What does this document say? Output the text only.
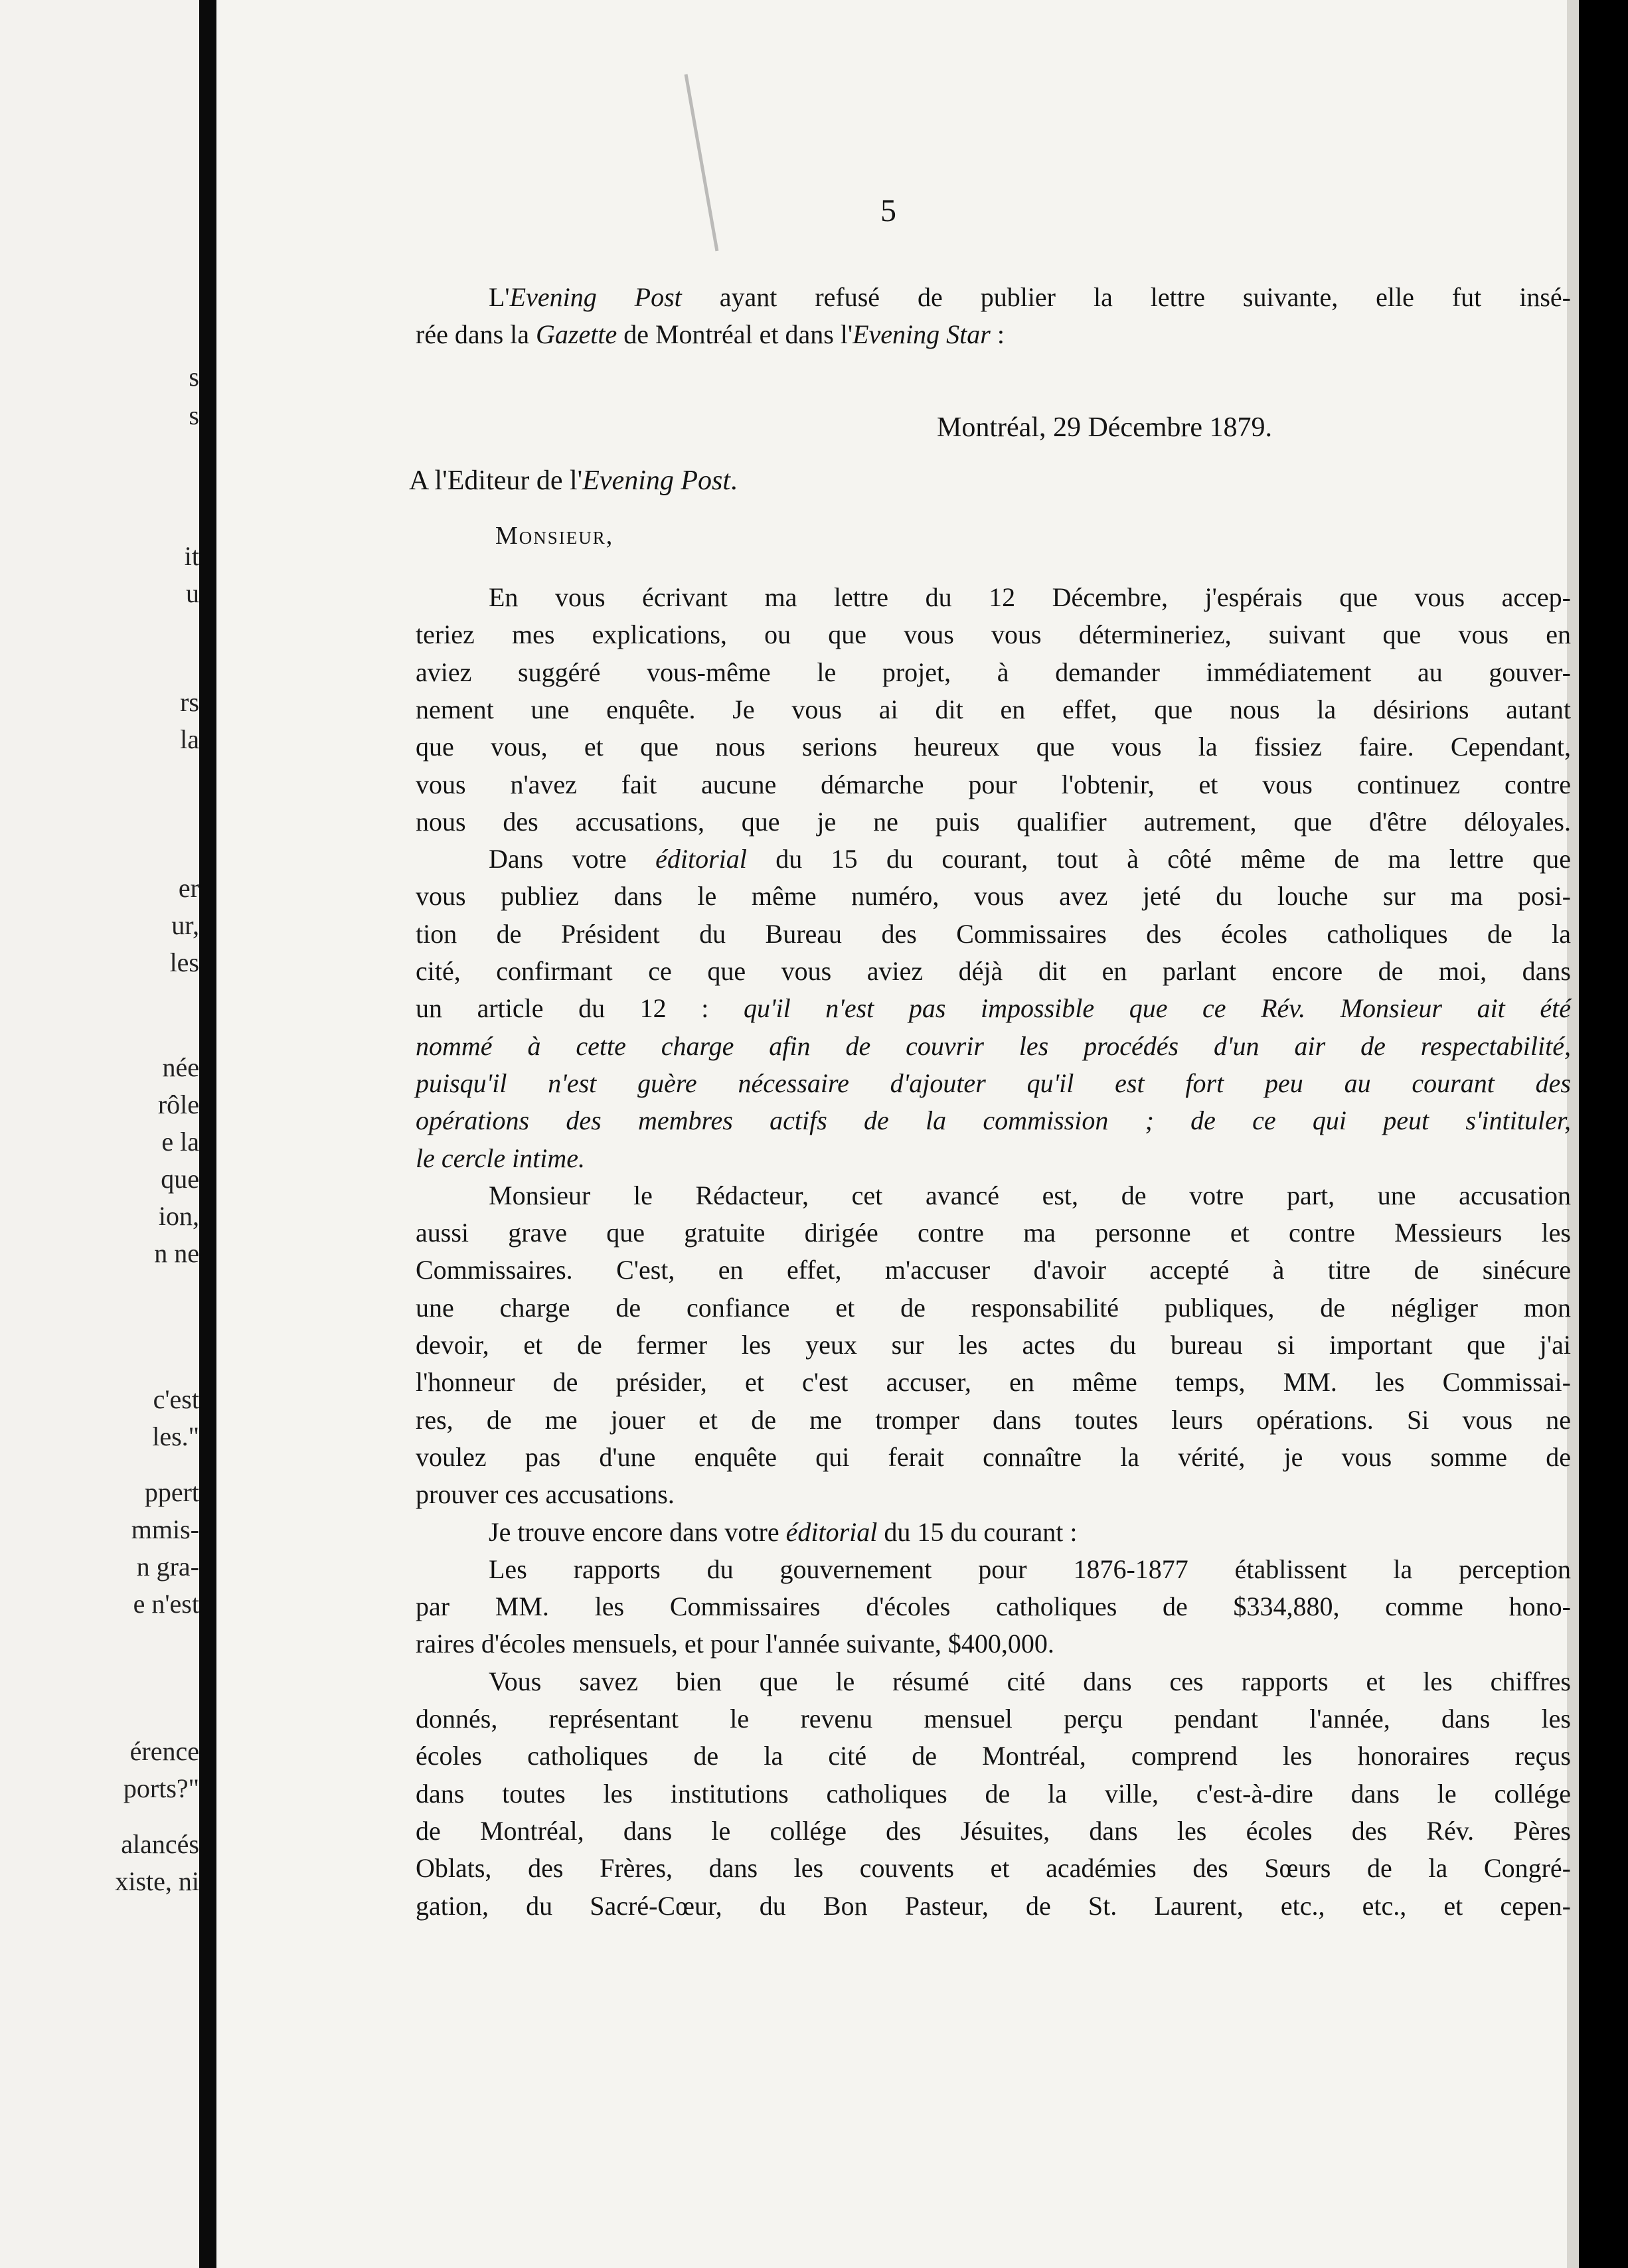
s
s
it
u
rs
la
er
ur,
les
née
rôle
e la
que
ion,
n ne
c'est
les."
ppert
mmis-
n gra-
e n'est
érence
ports?"
alancés
xiste, ni
5
L'Evening Post ayant refusé de publier la lettre suivante, elle fut insé-
rée dans la Gazette de Montréal et dans l'Evening Star :
Montréal, 29 Décembre 1879.
A l'Editeur de l'Evening Post.
Monsieur,
En vous écrivant ma lettre du 12 Décembre, j'espérais que vous accep-
teriez mes explications, ou que vous vous détermineriez, suivant que vous en
aviez suggéré vous-même le projet, à demander immédiatement au gouver-
nement une enquête. Je vous ai dit en effet, que nous la désirions autant
que vous, et que nous serions heureux que vous la fissiez faire. Cependant,
vous n'avez fait aucune démarche pour l'obtenir, et vous continuez contre
nous des accusations, que je ne puis qualifier autrement, que d'être déloyales.
Dans votre éditorial du 15 du courant, tout à côté même de ma lettre que
vous publiez dans le même numéro, vous avez jeté du louche sur ma posi-
tion de Président du Bureau des Commissaires des écoles catholiques de la
cité, confirmant ce que vous aviez déjà dit en parlant encore de moi, dans
un article du 12 : qu'il n'est pas impossible que ce Rév. Monsieur ait été
nommé à cette charge afin de couvrir les procédés d'un air de respectabilité,
puisqu'il n'est guère nécessaire d'ajouter qu'il est fort peu au courant des
opérations des membres actifs de la commission ; de ce qui peut s'intituler,
le cercle intime.
Monsieur le Rédacteur, cet avancé est, de votre part, une accusation
aussi grave que gratuite dirigée contre ma personne et contre Messieurs les
Commissaires. C'est, en effet, m'accuser d'avoir accepté à titre de sinécure
une charge de confiance et de responsabilité publiques, de négliger mon
devoir, et de fermer les yeux sur les actes du bureau si important que j'ai
l'honneur de présider, et c'est accuser, en même temps, MM. les Commissai-
res, de me jouer et de me tromper dans toutes leurs opérations. Si vous ne
voulez pas d'une enquête qui ferait connaître la vérité, je vous somme de
prouver ces accusations.
Je trouve encore dans votre éditorial du 15 du courant :
Les rapports du gouvernement pour 1876-1877 établissent la perception
par MM. les Commissaires d'écoles catholiques de $334,880, comme hono-
raires d'écoles mensuels, et pour l'année suivante, $400,000.
Vous savez bien que le résumé cité dans ces rapports et les chiffres
donnés, représentant le revenu mensuel perçu pendant l'année, dans les
écoles catholiques de la cité de Montréal, comprend les honoraires reçus
dans toutes les institutions catholiques de la ville, c'est-à-dire dans le collége
de Montréal, dans le collége des Jésuites, dans les écoles des Rév. Pères
Oblats, des Frères, dans les couvents et académies des Sœurs de la Congré-
gation, du Sacré-Cœur, du Bon Pasteur, de St. Laurent, etc., etc., et cepen-
